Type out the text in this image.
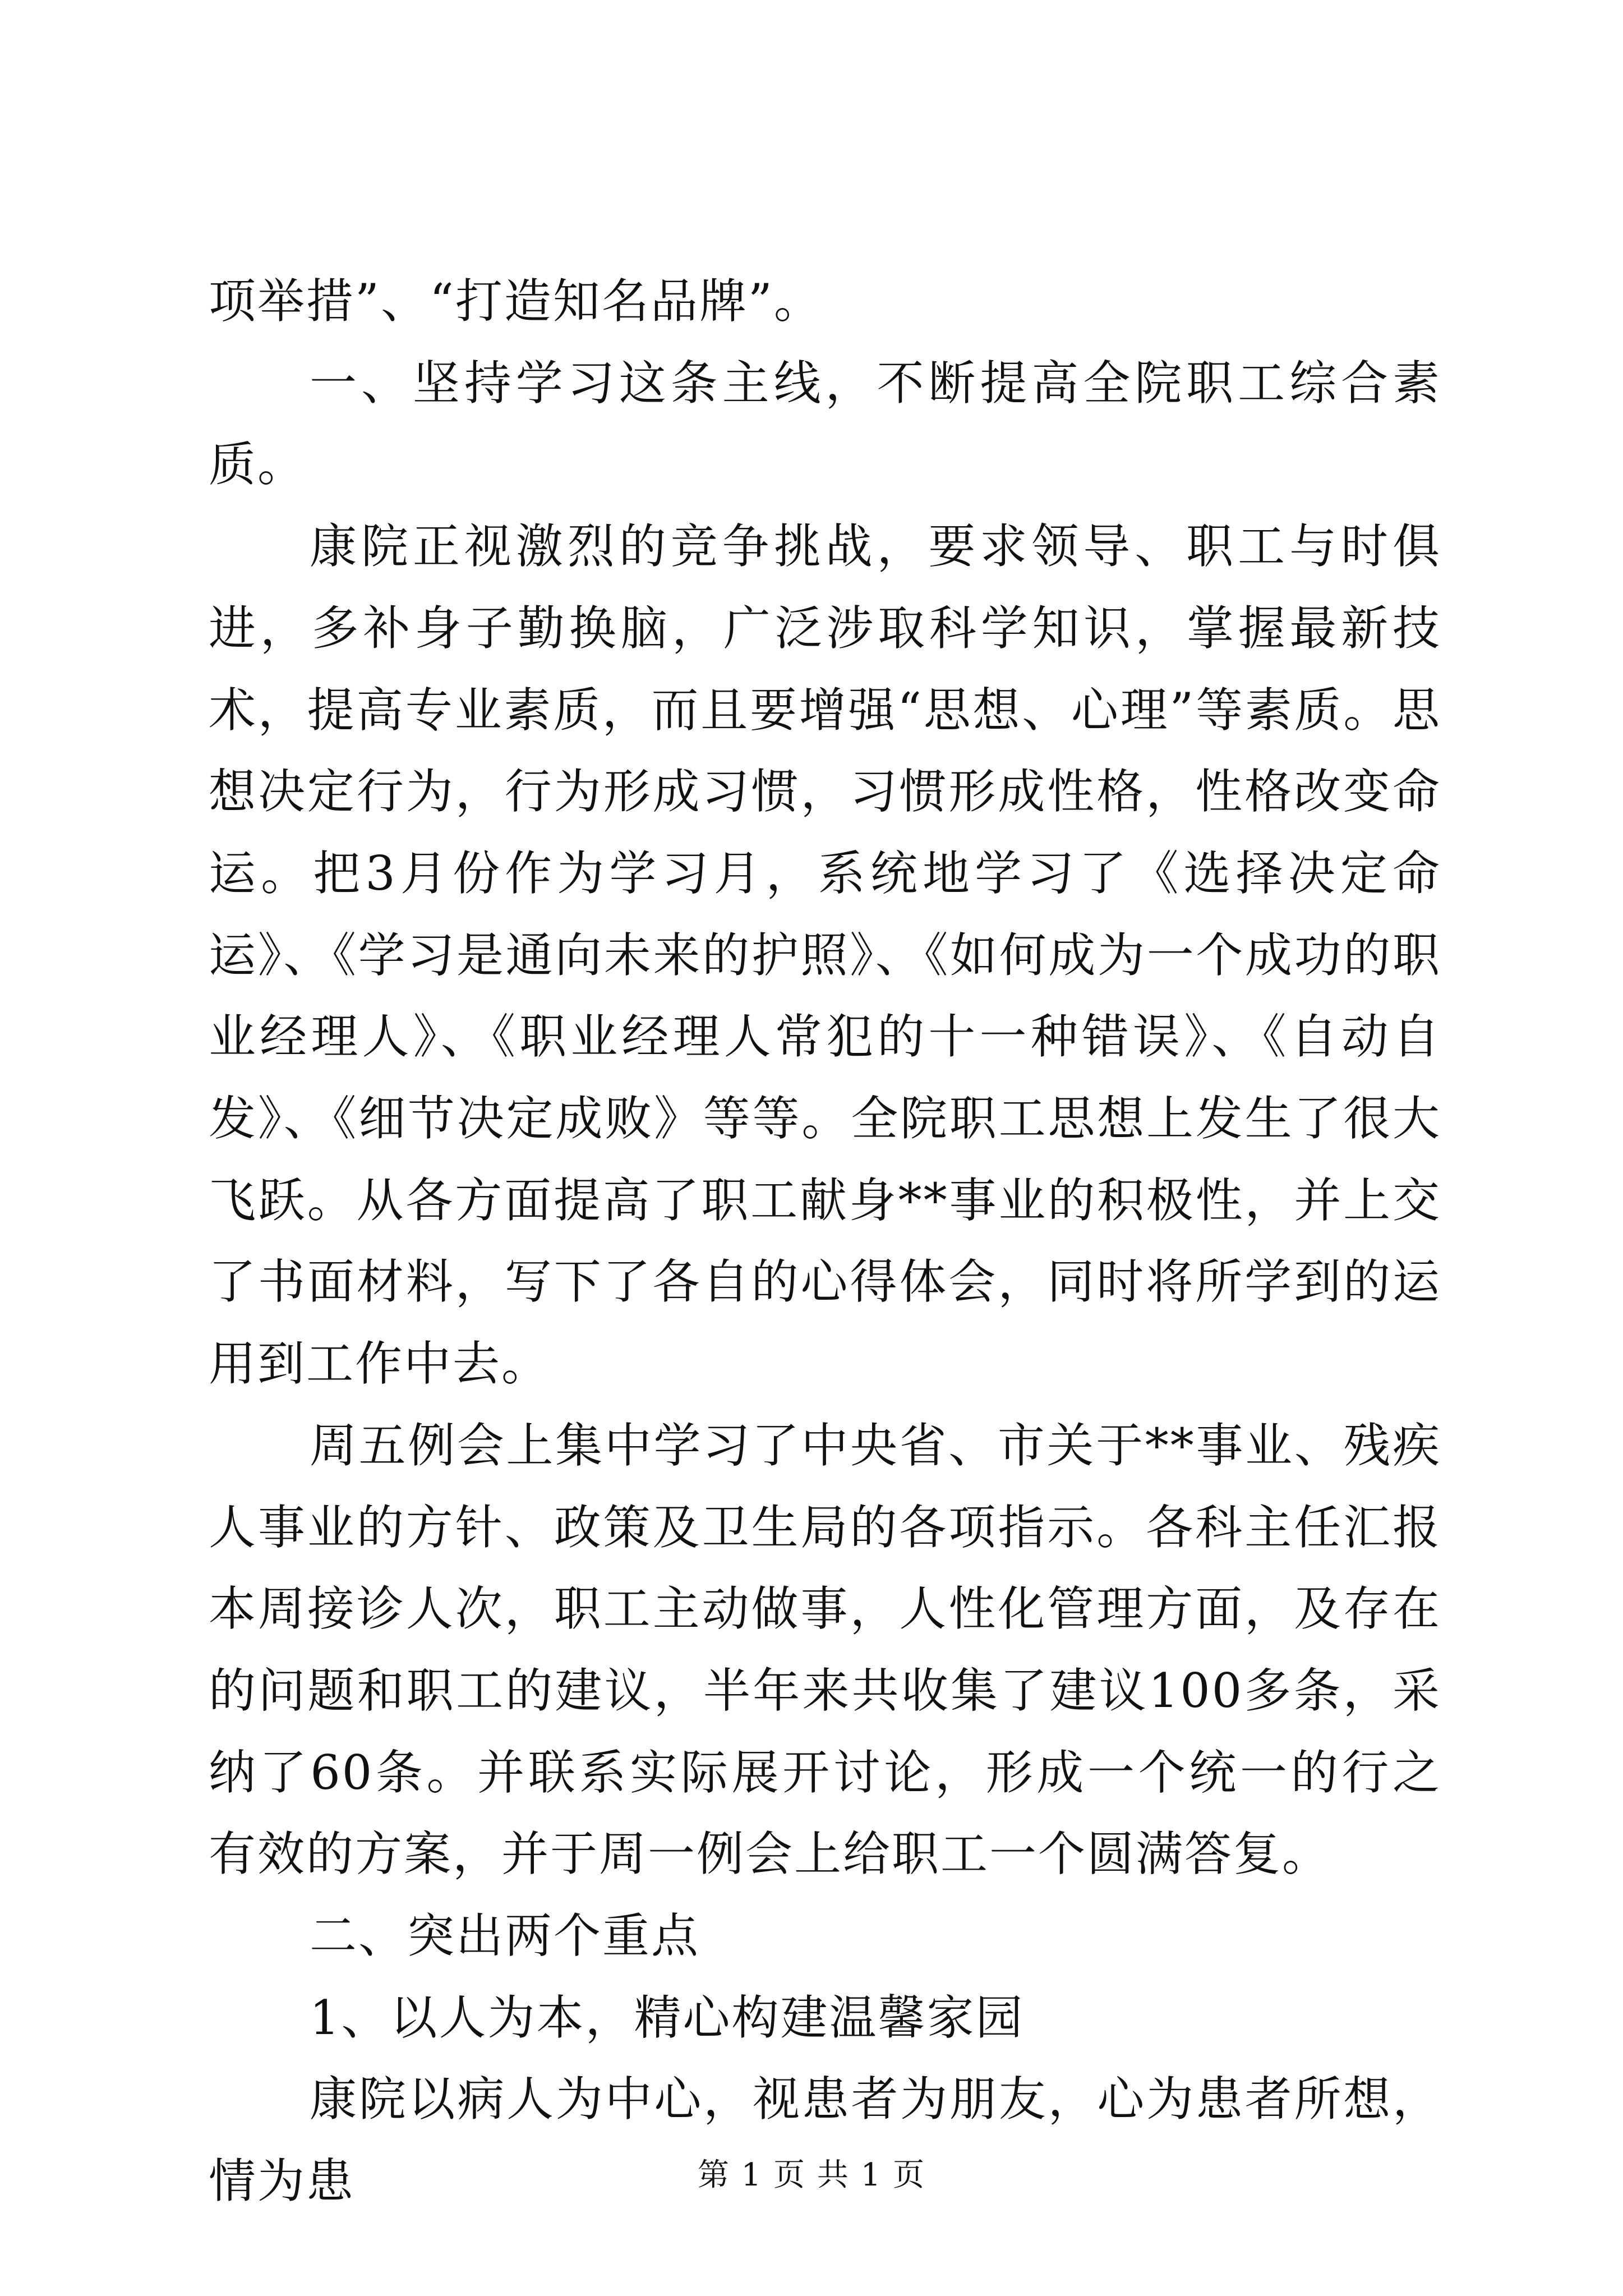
项举措”、“打造知名品牌”。

一、坚持学习这条主线，不断提高全院职工综合素质。

康院正视激烈的竞争挑战，要求领导、职工与时俱进，多补身子勤换脑，广泛涉取科学知识，掌握最新技术，提高专业素质，而且要增强“思想、心理”等素质。思想决定行为，行为形成习惯，习惯形成性格，性格改变命运。把3月份作为学习月，系统地学习了《选择决定命运》、《学习是通向未来的护照》、《如何成为一个成功的职业经理人》、《职业经理人常犯的十一种错误》、《自动自发》、《细节决定成败》等等。全院职工思想上发生了很大飞跃。从各方面提高了职工献身**事业的积极性，并上交了书面材料，写下了各自的心得体会，同时将所学到的运用到工作中去。

周五例会上集中学习了中央省、市关于**事业、残疾人事业的方针、政策及卫生局的各项指示。各科主任汇报本周接诊人次，职工主动做事，人性化管理方面，及存在的问题和职工的建议，半年来共收集了建议100多条，采纳了60条。并联系实际展开讨论，形成一个统一的行之有效的方案，并于周一例会上给职工一个圆满答复。

二、突出两个重点

1、以人为本，精心构建温馨家园

康院以病人为中心，视患者为朋友，心为患者所想，情为患	第 1 页 共 1 页
